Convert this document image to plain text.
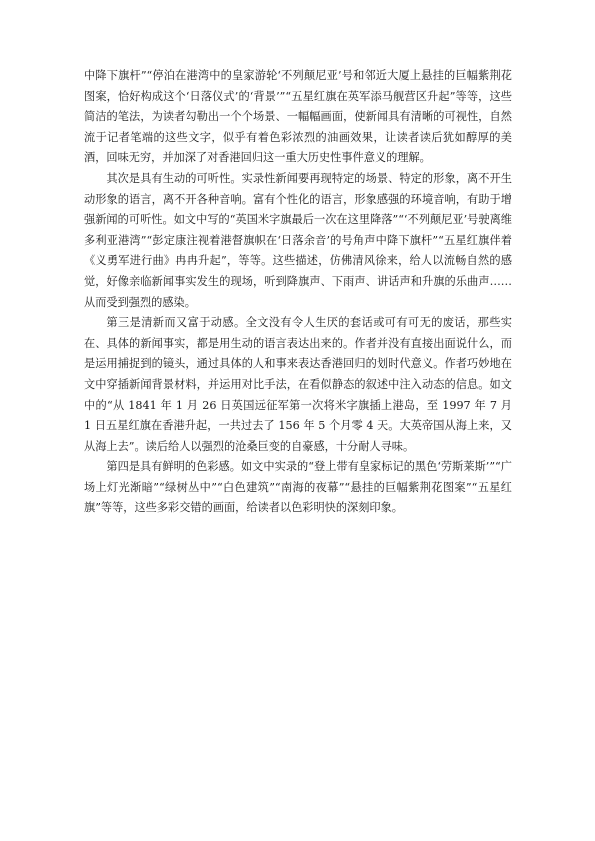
中降下旗杆”“停泊在港湾中的皇家游轮‘不列颠尼亚’号和邻近大厦上悬挂的巨幅紫荆花图案，恰好构成这个‘日落仪式’的‘背景’”“五星红旗在英军添马舰营区升起”等等，这些简洁的笔法，为读者勾勒出一个个场景、一幅幅画面，使新闻具有清晰的可视性，自然流于记者笔端的这些文字，似乎有着色彩浓烈的油画效果，让读者读后犹如醇厚的美酒，回味无穷，并加深了对香港回归这一重大历史性事件意义的理解。

其次是具有生动的可听性。实录性新闻要再现特定的场景、特定的形象，离不开生动形象的语言，离不开各种音响。富有个性化的语言，形象感强的环境音响，有助于增强新闻的可听性。如文中写的“英国米字旗最后一次在这里降落”“‘不列颠尼亚’号驶离维多利亚港湾”“彭定康注视着港督旗帜在‘日落余音’的号角声中降下旗杆”“五星红旗伴着《义勇军进行曲》冉冉升起”，等等。这些描述，仿佛清风徐来，给人以流畅自然的感觉，好像亲临新闻事实发生的现场，听到降旗声、下雨声、讲话声和升旗的乐曲声……从而受到强烈的感染。

第三是清新而又富于动感。全文没有令人生厌的套话或可有可无的废话，那些实在、具体的新闻事实，都是用生动的语言表达出来的。作者并没有直接出面说什么，而是运用捕捉到的镜头，通过具体的人和事来表达香港回归的划时代意义。作者巧妙地在文中穿插新闻背景材料，并运用对比手法，在看似静态的叙述中注入动态的信息。如文中的“从 1841 年 1 月 26 日英国远征军第一次将米字旗插上港岛，至 1997 年 7 月 1 日五星红旗在香港升起，一共过去了 156 年 5 个月零 4 天。大英帝国从海上来，又从海上去”。读后给人以强烈的沧桑巨变的自豪感，十分耐人寻味。

第四是具有鲜明的色彩感。如文中实录的“登上带有皇家标记的黑色‘劳斯莱斯’”“广场上灯光渐暗”“绿树丛中”“白色建筑”“南海的夜幕”“悬挂的巨幅紫荆花图案”“五星红旗”等等，这些多彩交错的画面，给读者以色彩明快的深刻印象。
